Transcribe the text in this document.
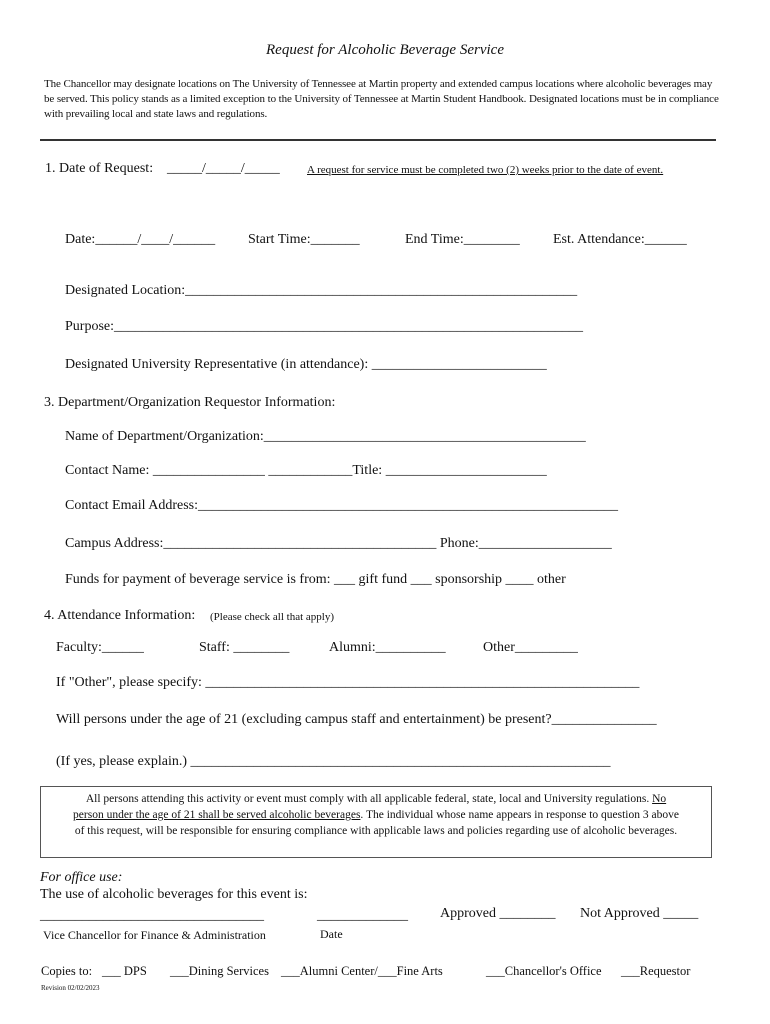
Request for Alcoholic Beverage Service
The Chancellor may designate locations on The University of Tennessee at Martin property and extended campus locations where alcoholic beverages may be served. This policy stands as a limited exception to the University of Tennessee at Martin Student Handbook. Designated locations must be in compliance with prevailing local and state laws and regulations.
1. Date of Request: _____/_____/_____ A request for service must be completed two (2) weeks prior to the date of event.
Date:______/____/______ Start Time:_______	End Time:________ Est. Attendance:______
Designated Location:________________________________________________________
Purpose:___________________________________________________________________
Designated University Representative (in attendance): _________________________
3. Department/Organization Requestor Information:
Name of Department/Organization:______________________________________________
Contact Name: ________________ ____________Title: _______________________
Contact Email Address:____________________________________________________________
Campus Address:_______________________________________ Phone:___________________
Funds for payment of beverage service is from: ___ gift fund ___ sponsorship ____ other
4. Attendance Information: (Please check all that apply)
Faculty:______	Staff: ________	Alumni:__________	Other_________
If "Other", please specify: ______________________________________________________________
Will persons under the age of 21 (excluding campus staff and entertainment) be present?_______________
(If yes, please explain.) ____________________________________________________________
All persons attending this activity or event must comply with all applicable federal, state, local and University regulations. No person under the age of 21 shall be served alcoholic beverages. The individual whose name appears in response to question 3 above of this request, will be responsible for ensuring compliance with applicable laws and policies regarding use of alcoholic beverages.
For office use:
The use of alcoholic beverages for this event is:
________________________________	_____________ Approved ________ Not Approved _____
Vice Chancellor for Finance & Administration	Date
Copies to: ___ DPS ___Dining Services ___Alumni Center/___Fine Arts	___Chancellor's Office ___Requestor
Revision 02/02/2023
